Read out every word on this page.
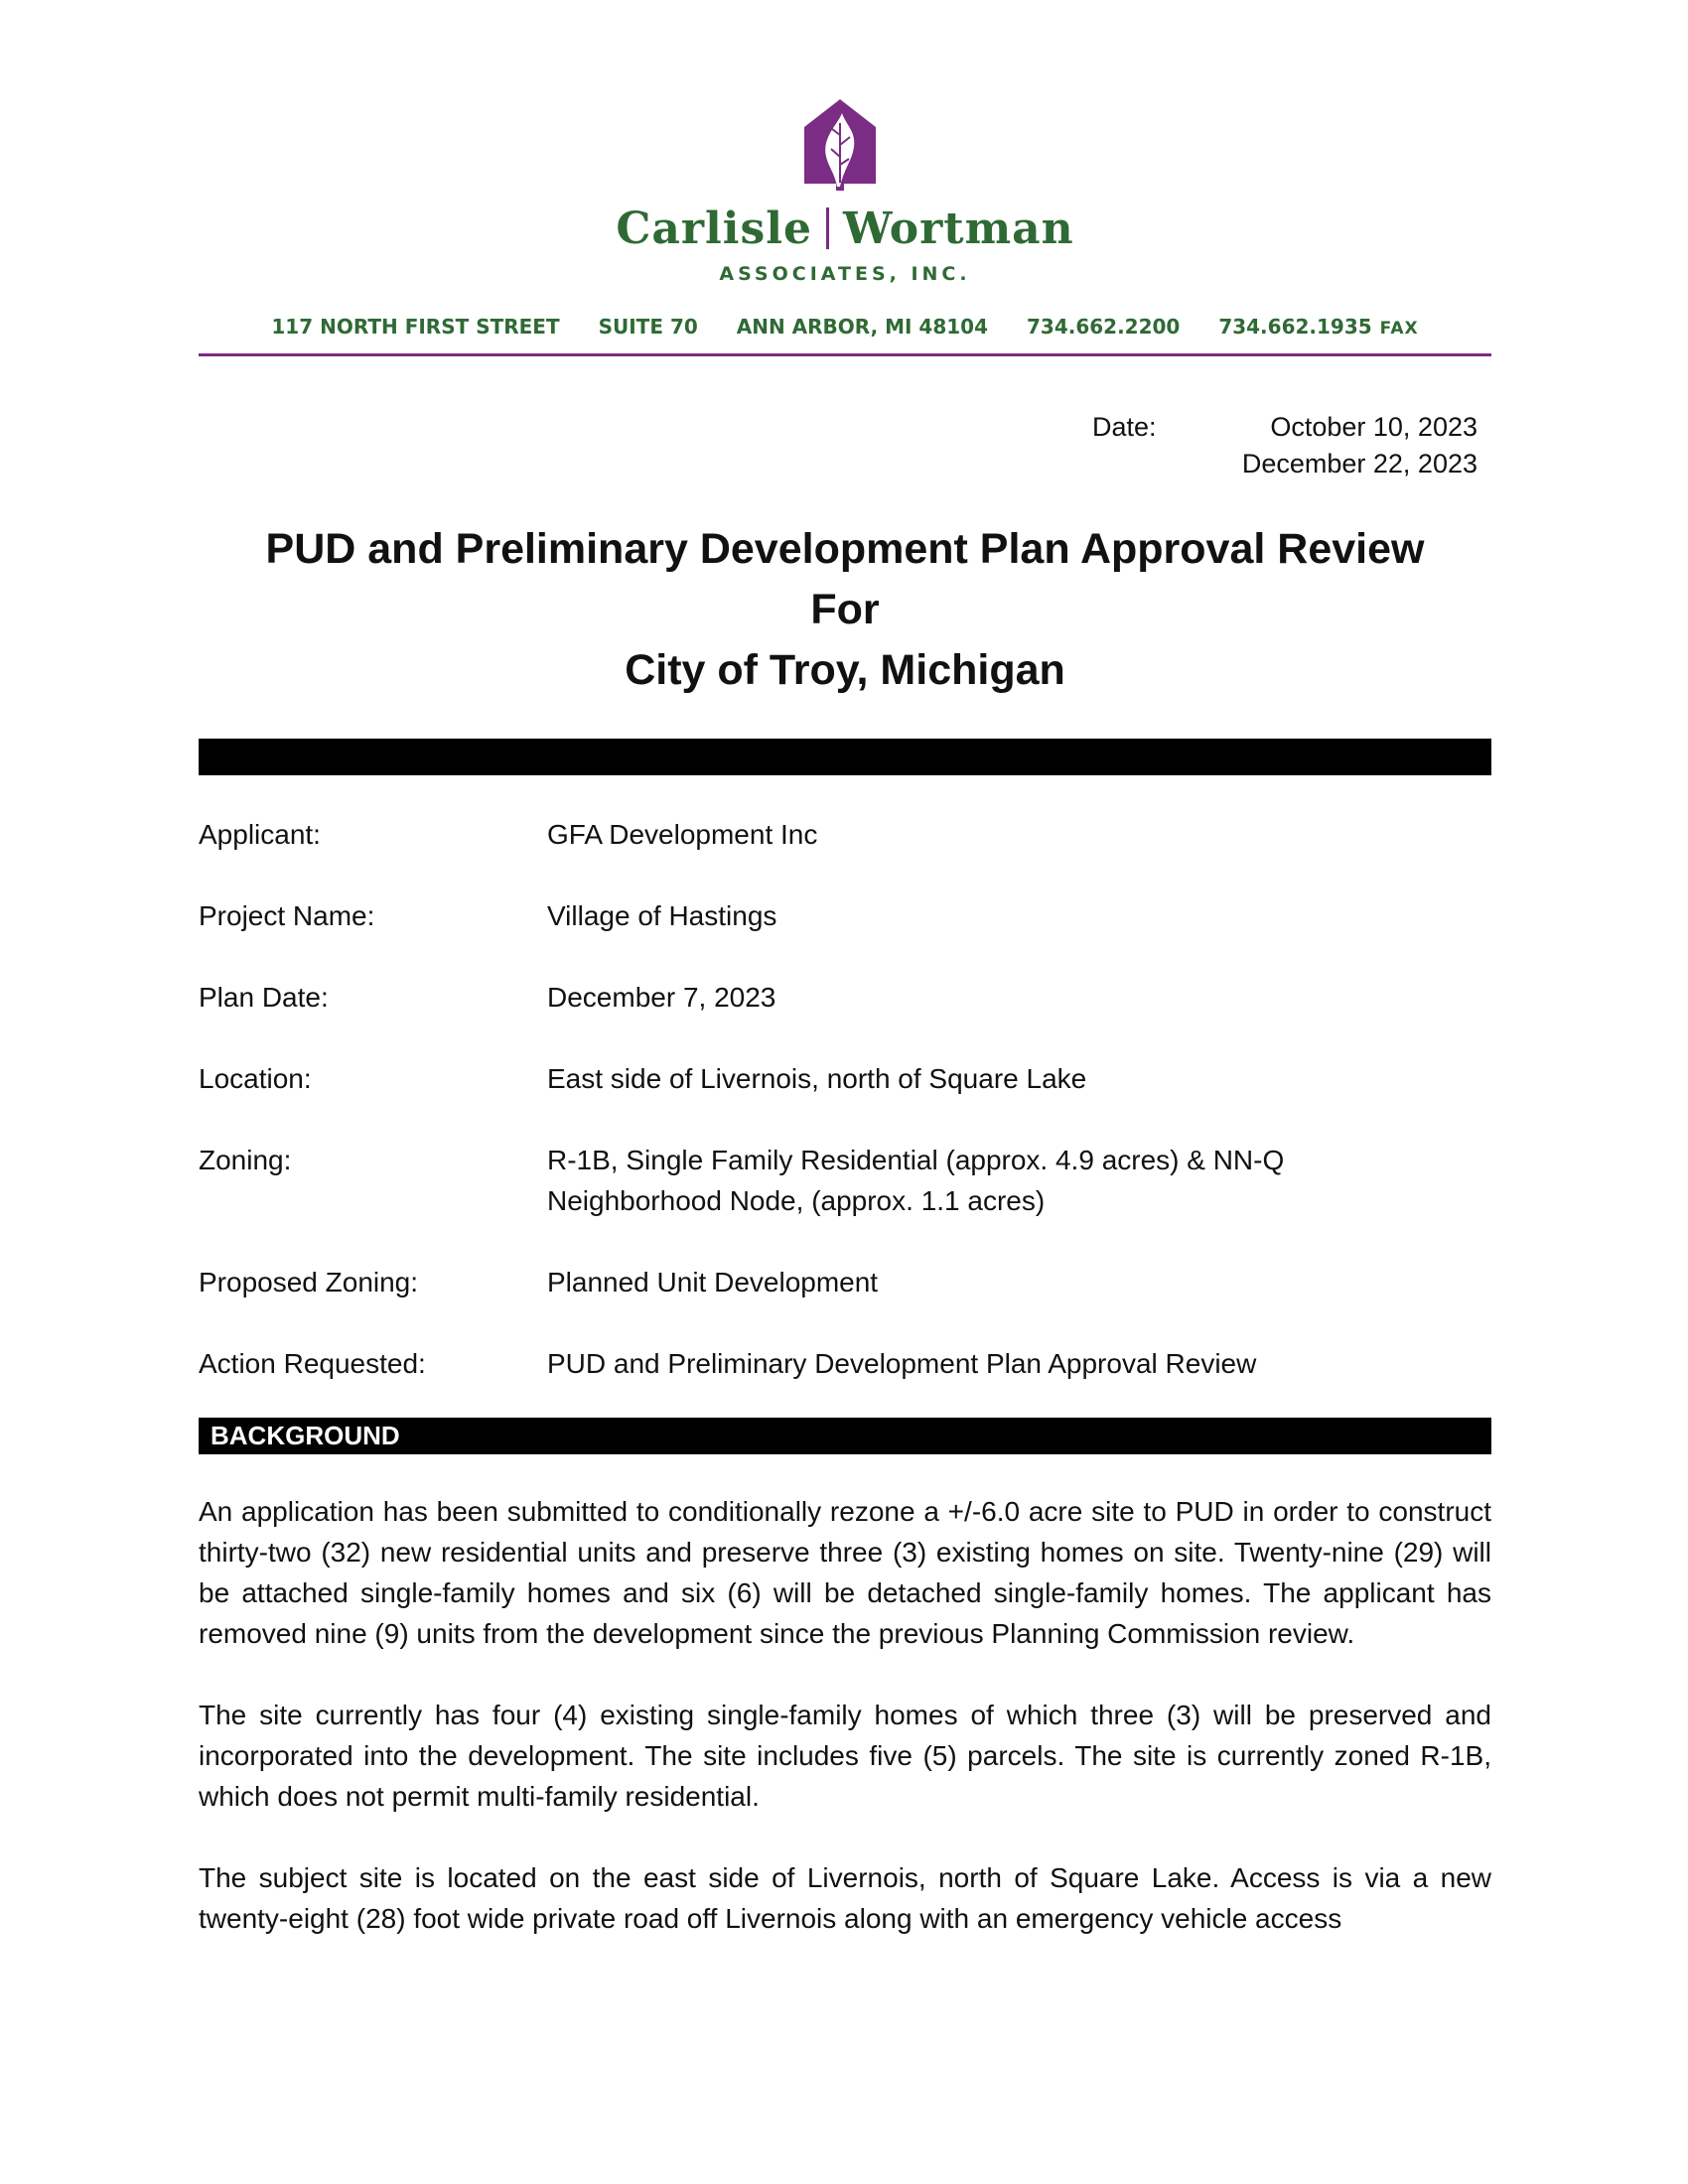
Carlisle Wortman
ASSOCIATES, INC.
117 NORTH FIRST STREET SUITE 70 ANN ARBOR, MI 48104 734.662.2200 734.662.1935 FAX
Date:	October 10, 2023
December 22, 2023
PUD and Preliminary Development Plan Approval Review
For
City of Troy, Michigan
Applicant:	GFA Development Inc
Project Name:	Village of Hastings
Plan Date:	December 7, 2023
Location:	East side of Livernois, north of Square Lake
Zoning:	R-1B, Single Family Residential (approx. 4.9 acres) & NN-Q
Neighborhood Node, (approx. 1.1 acres)
Proposed Zoning:	Planned Unit Development
Action Requested:	PUD and Preliminary Development Plan Approval Review
BACKGROUND

An application has been submitted to conditionally rezone a +/-6.0 acre site to PUD in order to construct thirty-two (32) new residential units and preserve three (3) existing homes on site. Twenty-nine (29) will be attached single-family homes and six (6) will be detached single-family homes. The applicant has removed nine (9) units from the development since the previous Planning Commission review.

The site currently has four (4) existing single-family homes of which three (3) will be preserved and incorporated into the development. The site includes five (5) parcels. The site is currently zoned R-1B, which does not permit multi-family residential.

The subject site is located on the east side of Livernois, north of Square Lake. Access is via a new twenty-eight (28) foot wide private road off Livernois along with an emergency vehicle access
